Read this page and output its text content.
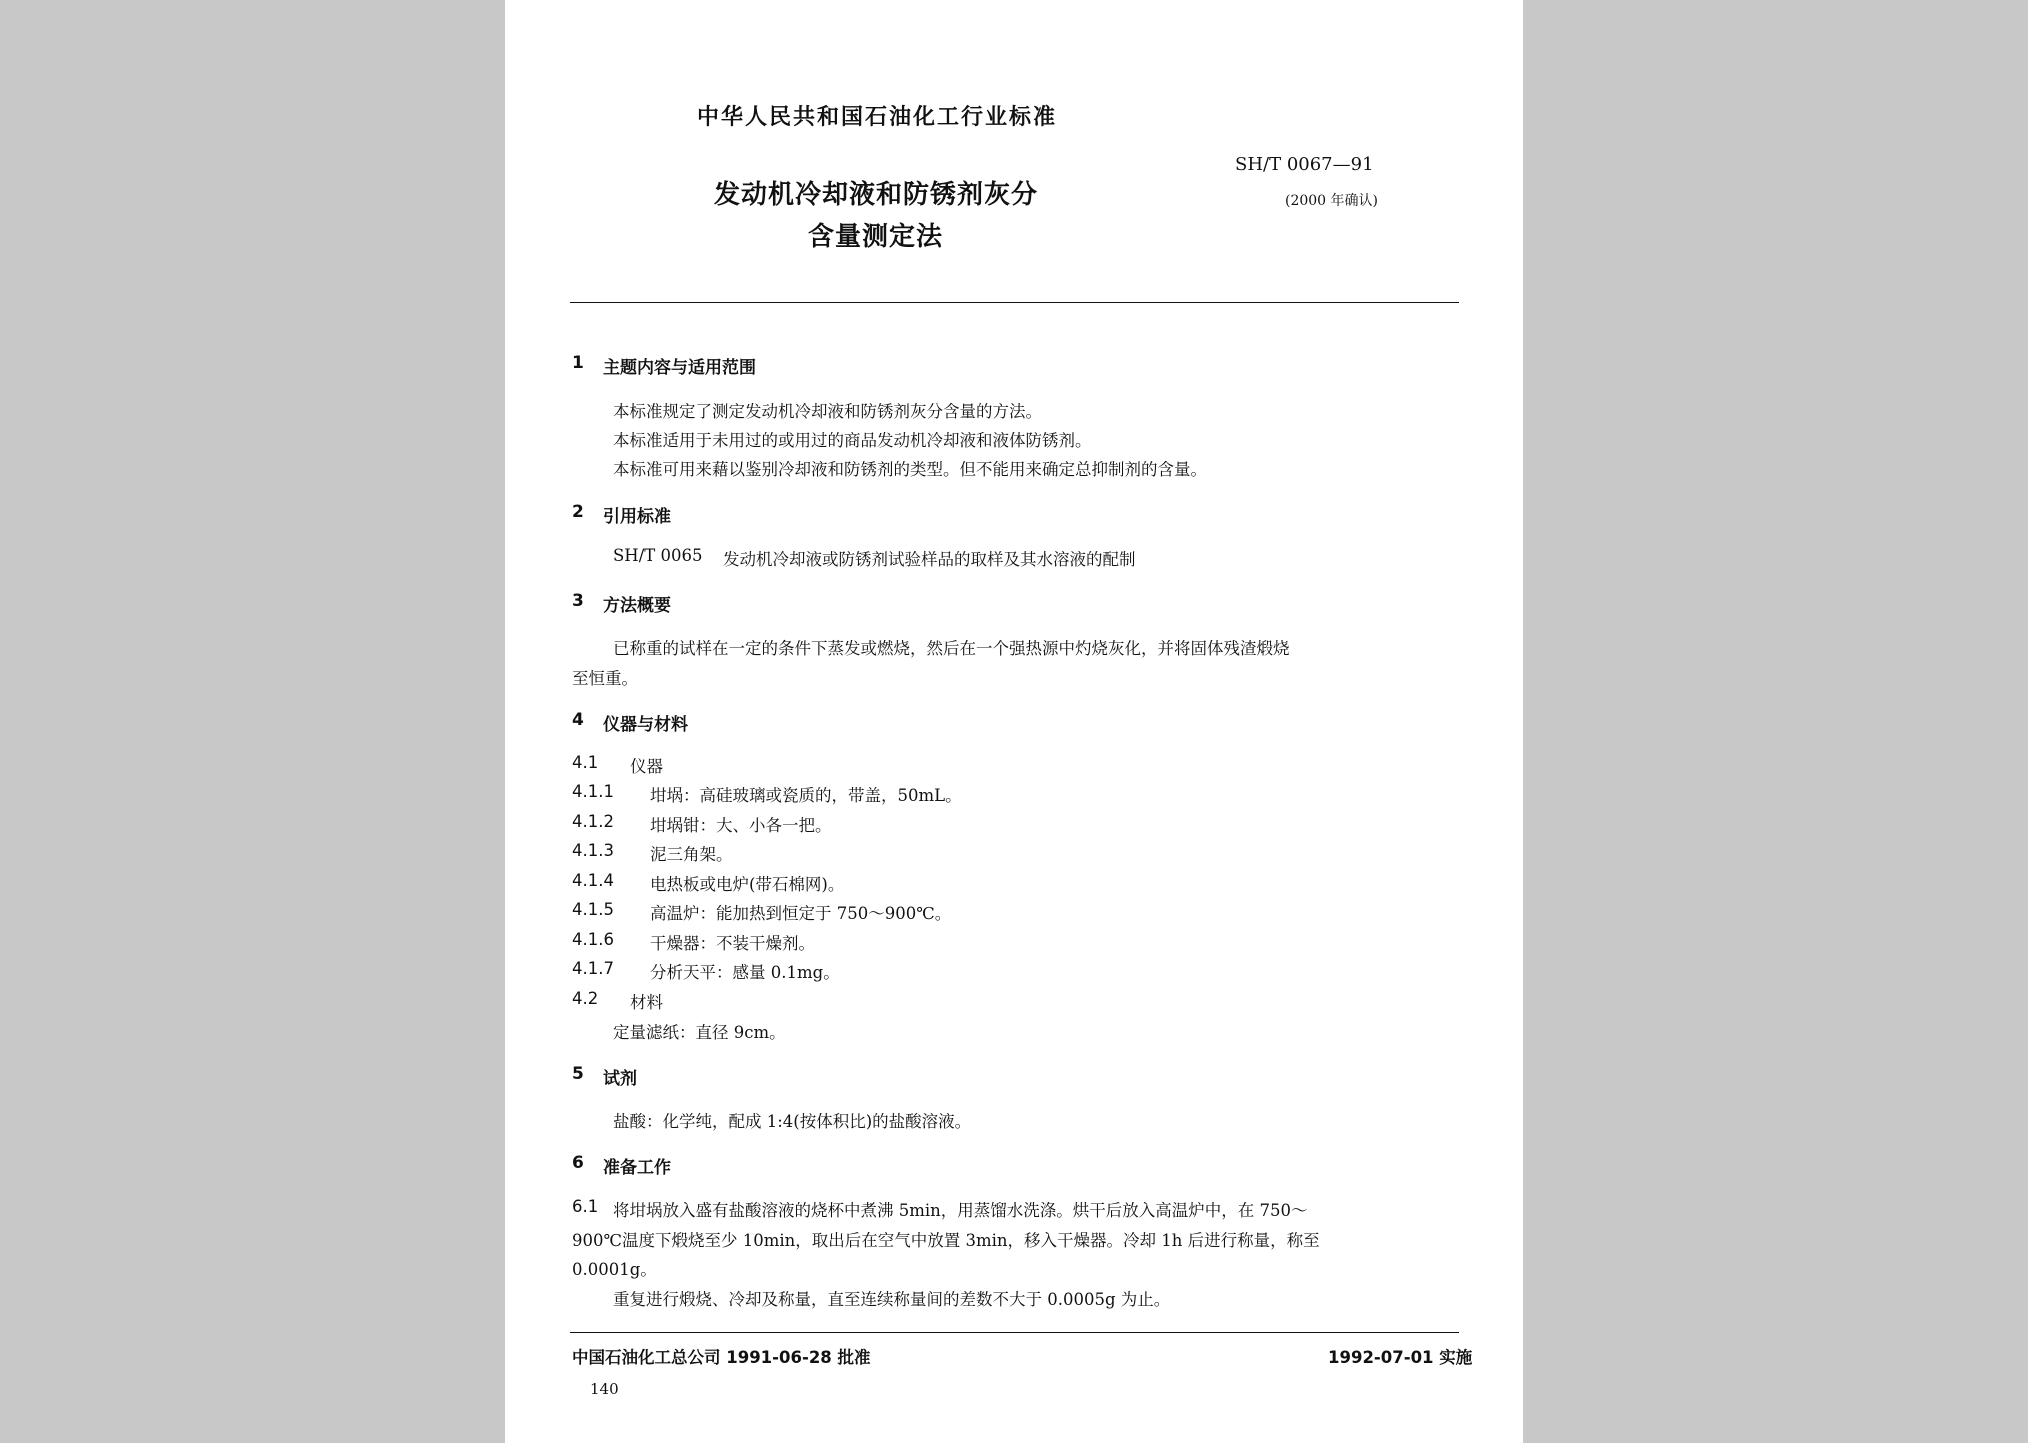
中华人民共和国石油化工行业标准
SH/T 0067—91
(2000 年确认)
发动机冷却液和防锈剂灰分
含量测定法
1 主题内容与适用范围
本标准规定了测定发动机冷却液和防锈剂灰分含量的方法。
本标准适用于未用过的或用过的商品发动机冷却液和液体防锈剂。
本标准可用来藉以鉴别冷却液和防锈剂的类型。但不能用来确定总抑制剂的含量。
2 引用标准
SH/T 0065 发动机冷却液或防锈剂试验样品的取样及其水溶液的配制
3 方法概要
已称重的试样在一定的条件下蒸发或燃烧，然后在一个强热源中灼烧灰化，并将固体残渣煅烧
至恒重。
4 仪器与材料
4.1 仪器
4.1.1 坩埚：高硅玻璃或瓷质的，带盖，50mL。
4.1.2 坩埚钳：大、小各一把。
4.1.3 泥三角架。
4.1.4 电热板或电炉(带石棉网)。
4.1.5 高温炉：能加热到恒定于 750～900℃。
4.1.6 干燥器：不装干燥剂。
4.1.7 分析天平：感量 0.1mg。
4.2 材料
定量滤纸：直径 9cm。
5 试剂
盐酸：化学纯，配成 1:4(按体积比)的盐酸溶液。
6 准备工作
6.1 将坩埚放入盛有盐酸溶液的烧杯中煮沸 5min，用蒸馏水洗涤。烘干后放入高温炉中，在 750～
900℃温度下煅烧至少 10min，取出后在空气中放置 3min，移入干燥器。冷却 1h 后进行称量，称至
0.0001g。
重复进行煅烧、冷却及称量，直至连续称量间的差数不大于 0.0005g 为止。
中国石油化工总公司 1991-06-28 批准	1992-07-01 实施
140
